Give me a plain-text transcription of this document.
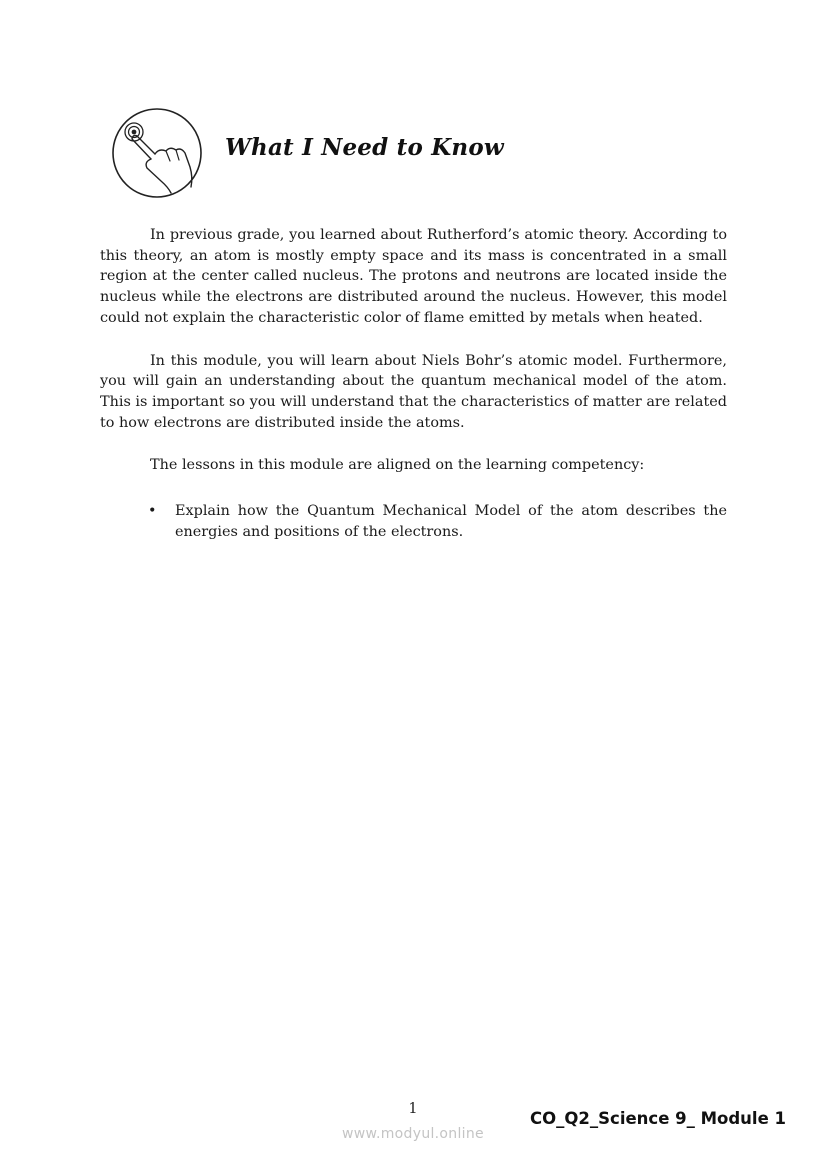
What I Need to Know

In previous grade, you learned about Rutherford’s atomic theory. According to this theory, an atom is mostly empty space and its mass is concentrated in a small region at the center called nucleus. The protons and neutrons are located inside the nucleus while the electrons are distributed around the nucleus. However, this model could not explain the characteristic color of flame emitted by metals when heated.

In this module, you will learn about Niels Bohr’s atomic model. Furthermore, you will gain an understanding about the quantum mechanical model of the atom. This is important so you will understand that the characteristics of matter are related to how electrons are distributed inside the atoms.

The lessons in this module are aligned on the learning competency:

• Explain how the Quantum Mechanical Model of the atom describes the energies and positions of the electrons.
1	CO_Q2_Science 9_ Module 1
www.modyul.online
